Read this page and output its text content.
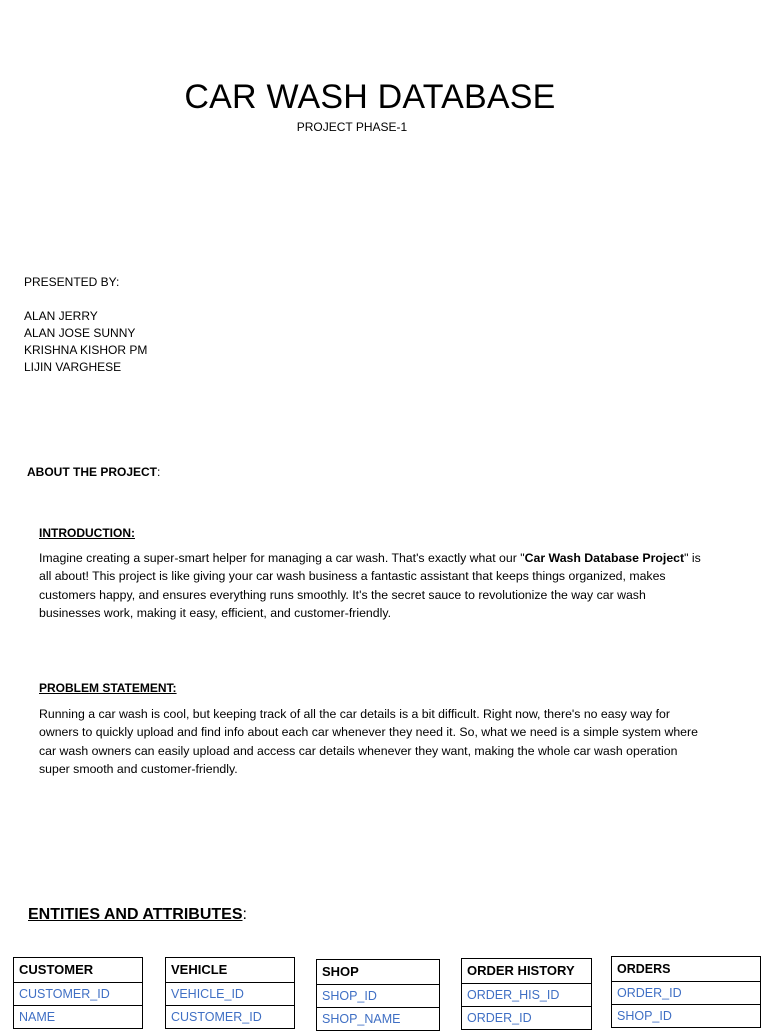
CAR WASH DATABASE
PROJECT PHASE-1
PRESENTED BY:
ALAN JERRY
ALAN JOSE SUNNY
KRISHNA KISHOR PM
LIJIN VARGHESE
ABOUT THE PROJECT:
INTRODUCTION:
Imagine creating a super-smart helper for managing a car wash. That's exactly what our "Car Wash Database Project" is all about! This project is like giving your car wash business a fantastic assistant that keeps things organized, makes customers happy, and ensures everything runs smoothly. It's the secret sauce to revolutionize the way car wash businesses work, making it easy, efficient, and customer-friendly.
PROBLEM STATEMENT:
Running a car wash is cool, but keeping track of all the car details is a bit difficult. Right now, there's no easy way for owners to quickly upload and find info about each car whenever they need it. So, what we need is a simple system where car wash owners can easily upload and access car details whenever they want, making the whole car wash operation super smooth and customer-friendly.
ENTITIES AND ATTRIBUTES:
CUSTOMER
CUSTOMER_ID
NAME
VEHICLE
VEHICLE_ID
CUSTOMER_ID
SHOP
SHOP_ID
SHOP_NAME
ORDER HISTORY
ORDER_HIS_ID
ORDER_ID
ORDERS
ORDER_ID
SHOP_ID
